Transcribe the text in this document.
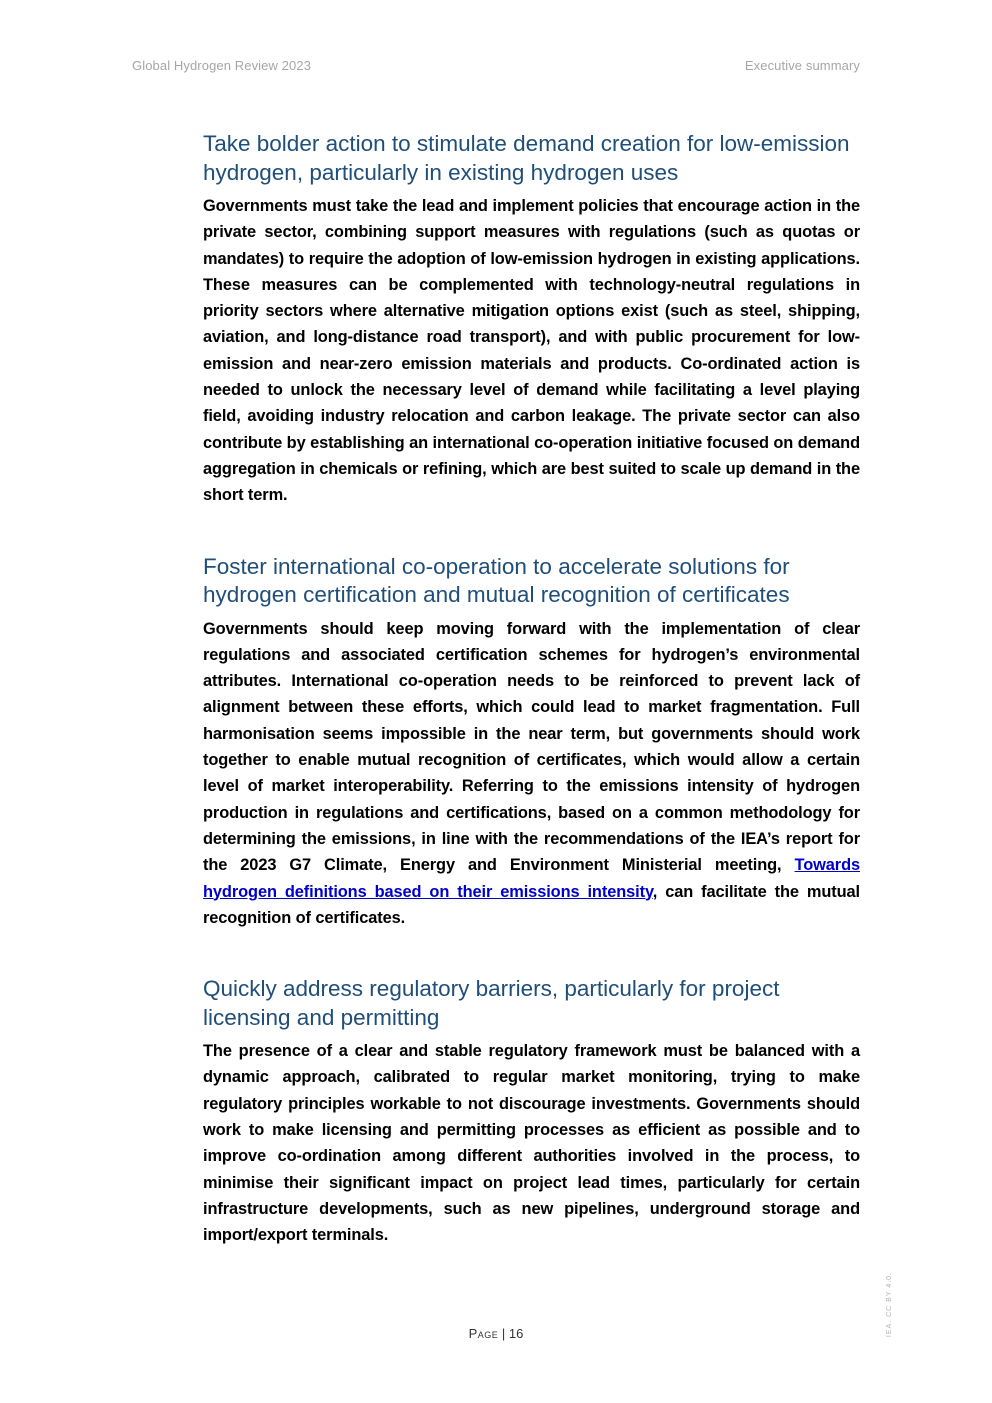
Global Hydrogen Review 2023	Executive summary
Take bolder action to stimulate demand creation for low-emission hydrogen, particularly in existing hydrogen uses

Governments must take the lead and implement policies that encourage action in the private sector, combining support measures with regulations (such as quotas or mandates) to require the adoption of low-emission hydrogen in existing applications. These measures can be complemented with technology-neutral regulations in priority sectors where alternative mitigation options exist (such as steel, shipping, aviation, and long-distance road transport), and with public procurement for low-emission and near-zero emission materials and products. Co-ordinated action is needed to unlock the necessary level of demand while facilitating a level playing field, avoiding industry relocation and carbon leakage. The private sector can also contribute by establishing an international co-operation initiative focused on demand aggregation in chemicals or refining, which are best suited to scale up demand in the short term.

Foster international co-operation to accelerate solutions for hydrogen certification and mutual recognition of certificates

Governments should keep moving forward with the implementation of clear regulations and associated certification schemes for hydrogen’s environmental attributes. International co-operation needs to be reinforced to prevent lack of alignment between these efforts, which could lead to market fragmentation. Full harmonisation seems impossible in the near term, but governments should work together to enable mutual recognition of certificates, which would allow a certain level of market interoperability. Referring to the emissions intensity of hydrogen production in regulations and certifications, based on a common methodology for determining the emissions, in line with the recommendations of the IEA’s report for the 2023 G7 Climate, Energy and Environment Ministerial meeting, Towards hydrogen definitions based on their emissions intensity, can facilitate the mutual recognition of certificates.

Quickly address regulatory barriers, particularly for project licensing and permitting

The presence of a clear and stable regulatory framework must be balanced with a dynamic approach, calibrated to regular market monitoring, trying to make regulatory principles workable to not discourage investments. Governments should work to make licensing and permitting processes as efficient as possible and to improve co-ordination among different authorities involved in the process, to minimise their significant impact on project lead times, particularly for certain infrastructure developments, such as new pipelines, underground storage and import/export terminals.

Page | 16	IEA. CC BY 4.0.
